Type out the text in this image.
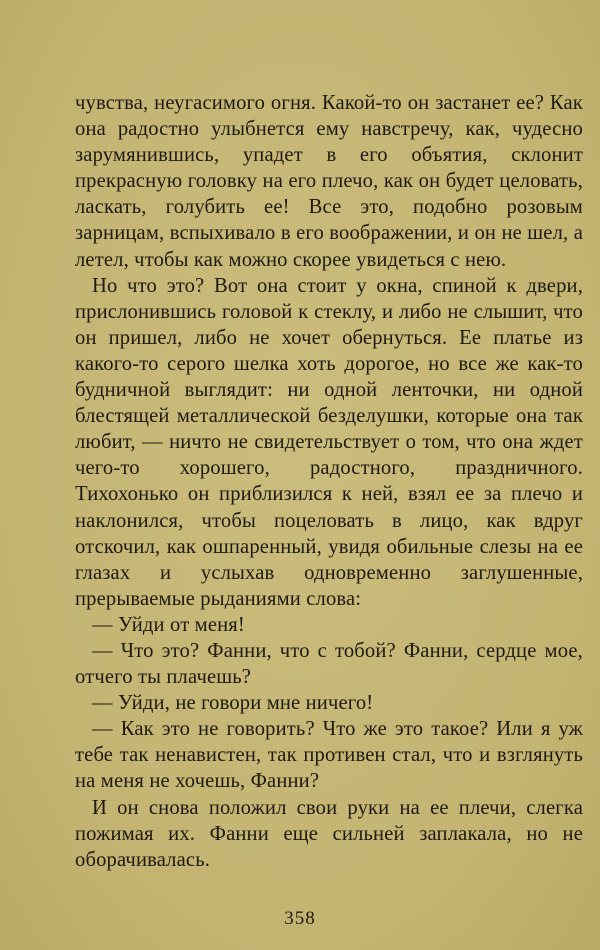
чувства, неугасимого огня. Какой-то он застанет ее? Как она радостно улыбнется ему навстречу, как, чудесно зарумянившись, упадет в его объятия, склонит прекрасную головку на его плечо, как он будет целовать, ласкать, голубить ее! Все это, подобно розовым зарницам, вспыхивало в его воображении, и он не шел, а летел, чтобы как можно скорее увидеться с нею.

Но что это? Вот она стоит у окна, спиной к двери, прислонившись головой к стеклу, и либо не слышит, что он пришел, либо не хочет обернуться. Ее платье из какого-то серого шелка хоть дорогое, но все же как-то будничной выглядит: ни одной ленточки, ни одной блестящей металлической безделушки, которые она так любит, — ничто не свидетельствует о том, что она ждет чего-то хорошего, радостного, праздничного. Тихохонько он приблизился к ней, взял ее за плечо и наклонился, чтобы поцеловать в лицо, как вдруг отскочил, как ошпаренный, увидя обильные слезы на ее глазах и услыхав одновременно заглушенные, прерываемые рыданиями слова:

— Уйди от меня!

— Что это? Фанни, что с тобой? Фанни, сердце мое, отчего ты плачешь?

— Уйди, не говори мне ничего!

— Как это не говорить? Что же это такое? Или я уж тебе так ненавистен, так противен стал, что и взглянуть на меня не хочешь, Фанни?

И он снова положил свои руки на ее плечи, слегка пожимая их. Фанни еще сильней заплакала, но не оборачивалась.

358
